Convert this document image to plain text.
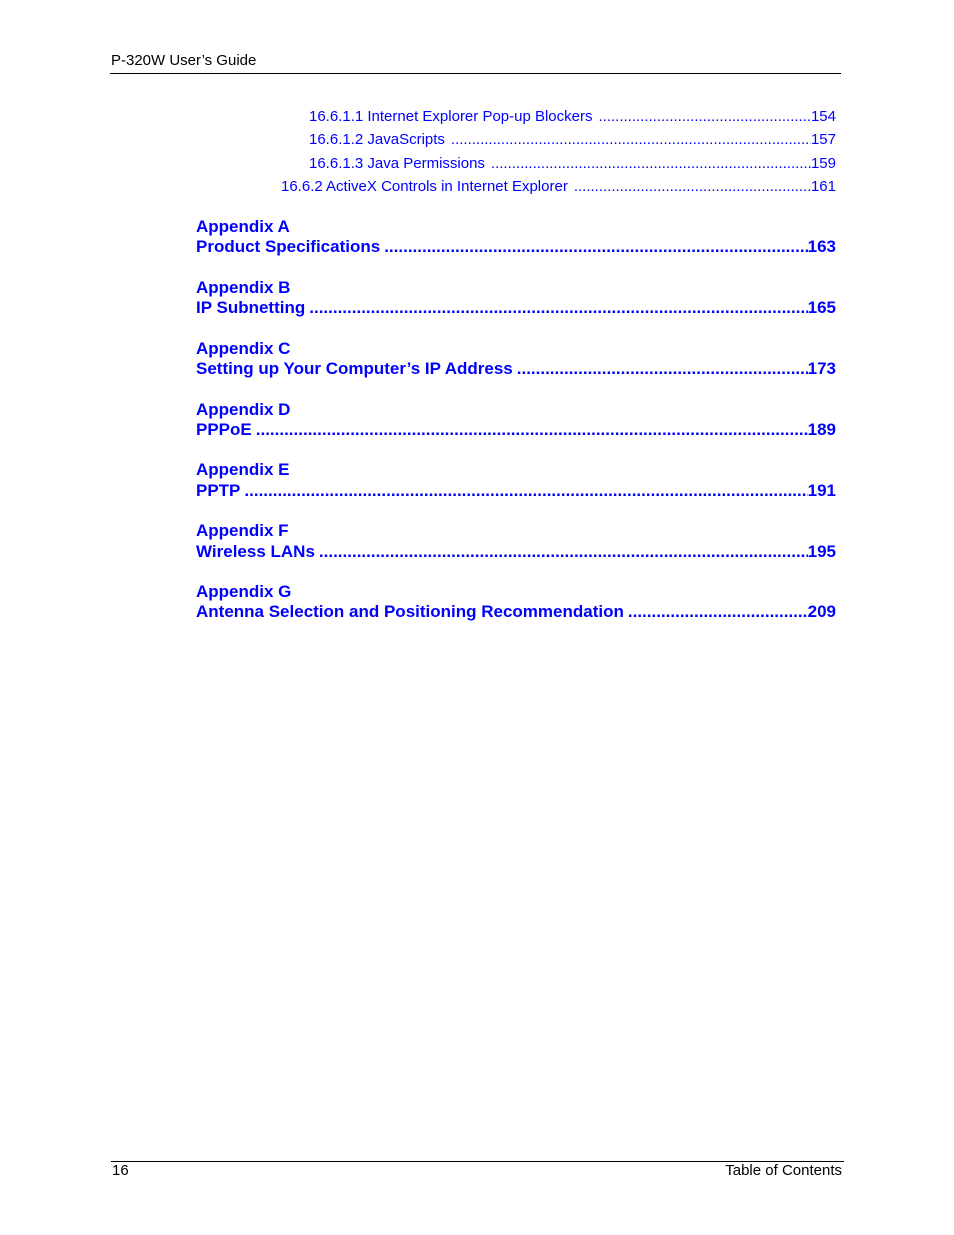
P-320W User’s Guide
16.6.1.1 Internet Explorer Pop-up Blockers .....	154
16.6.1.2 JavaScripts .....	157
16.6.1.3 Java Permissions .....	159
16.6.2 ActiveX Controls in Internet Explorer .....	161
Appendix A
Product Specifications .....	163
Appendix B
IP Subnetting .....	165
Appendix C
Setting up Your Computer’s IP Address .....	173
Appendix D
PPPoE .....	189
Appendix E
PPTP .....	191
Appendix F
Wireless LANs .....	195
Appendix G
Antenna Selection and Positioning Recommendation .....	209
16	Table of Contents
